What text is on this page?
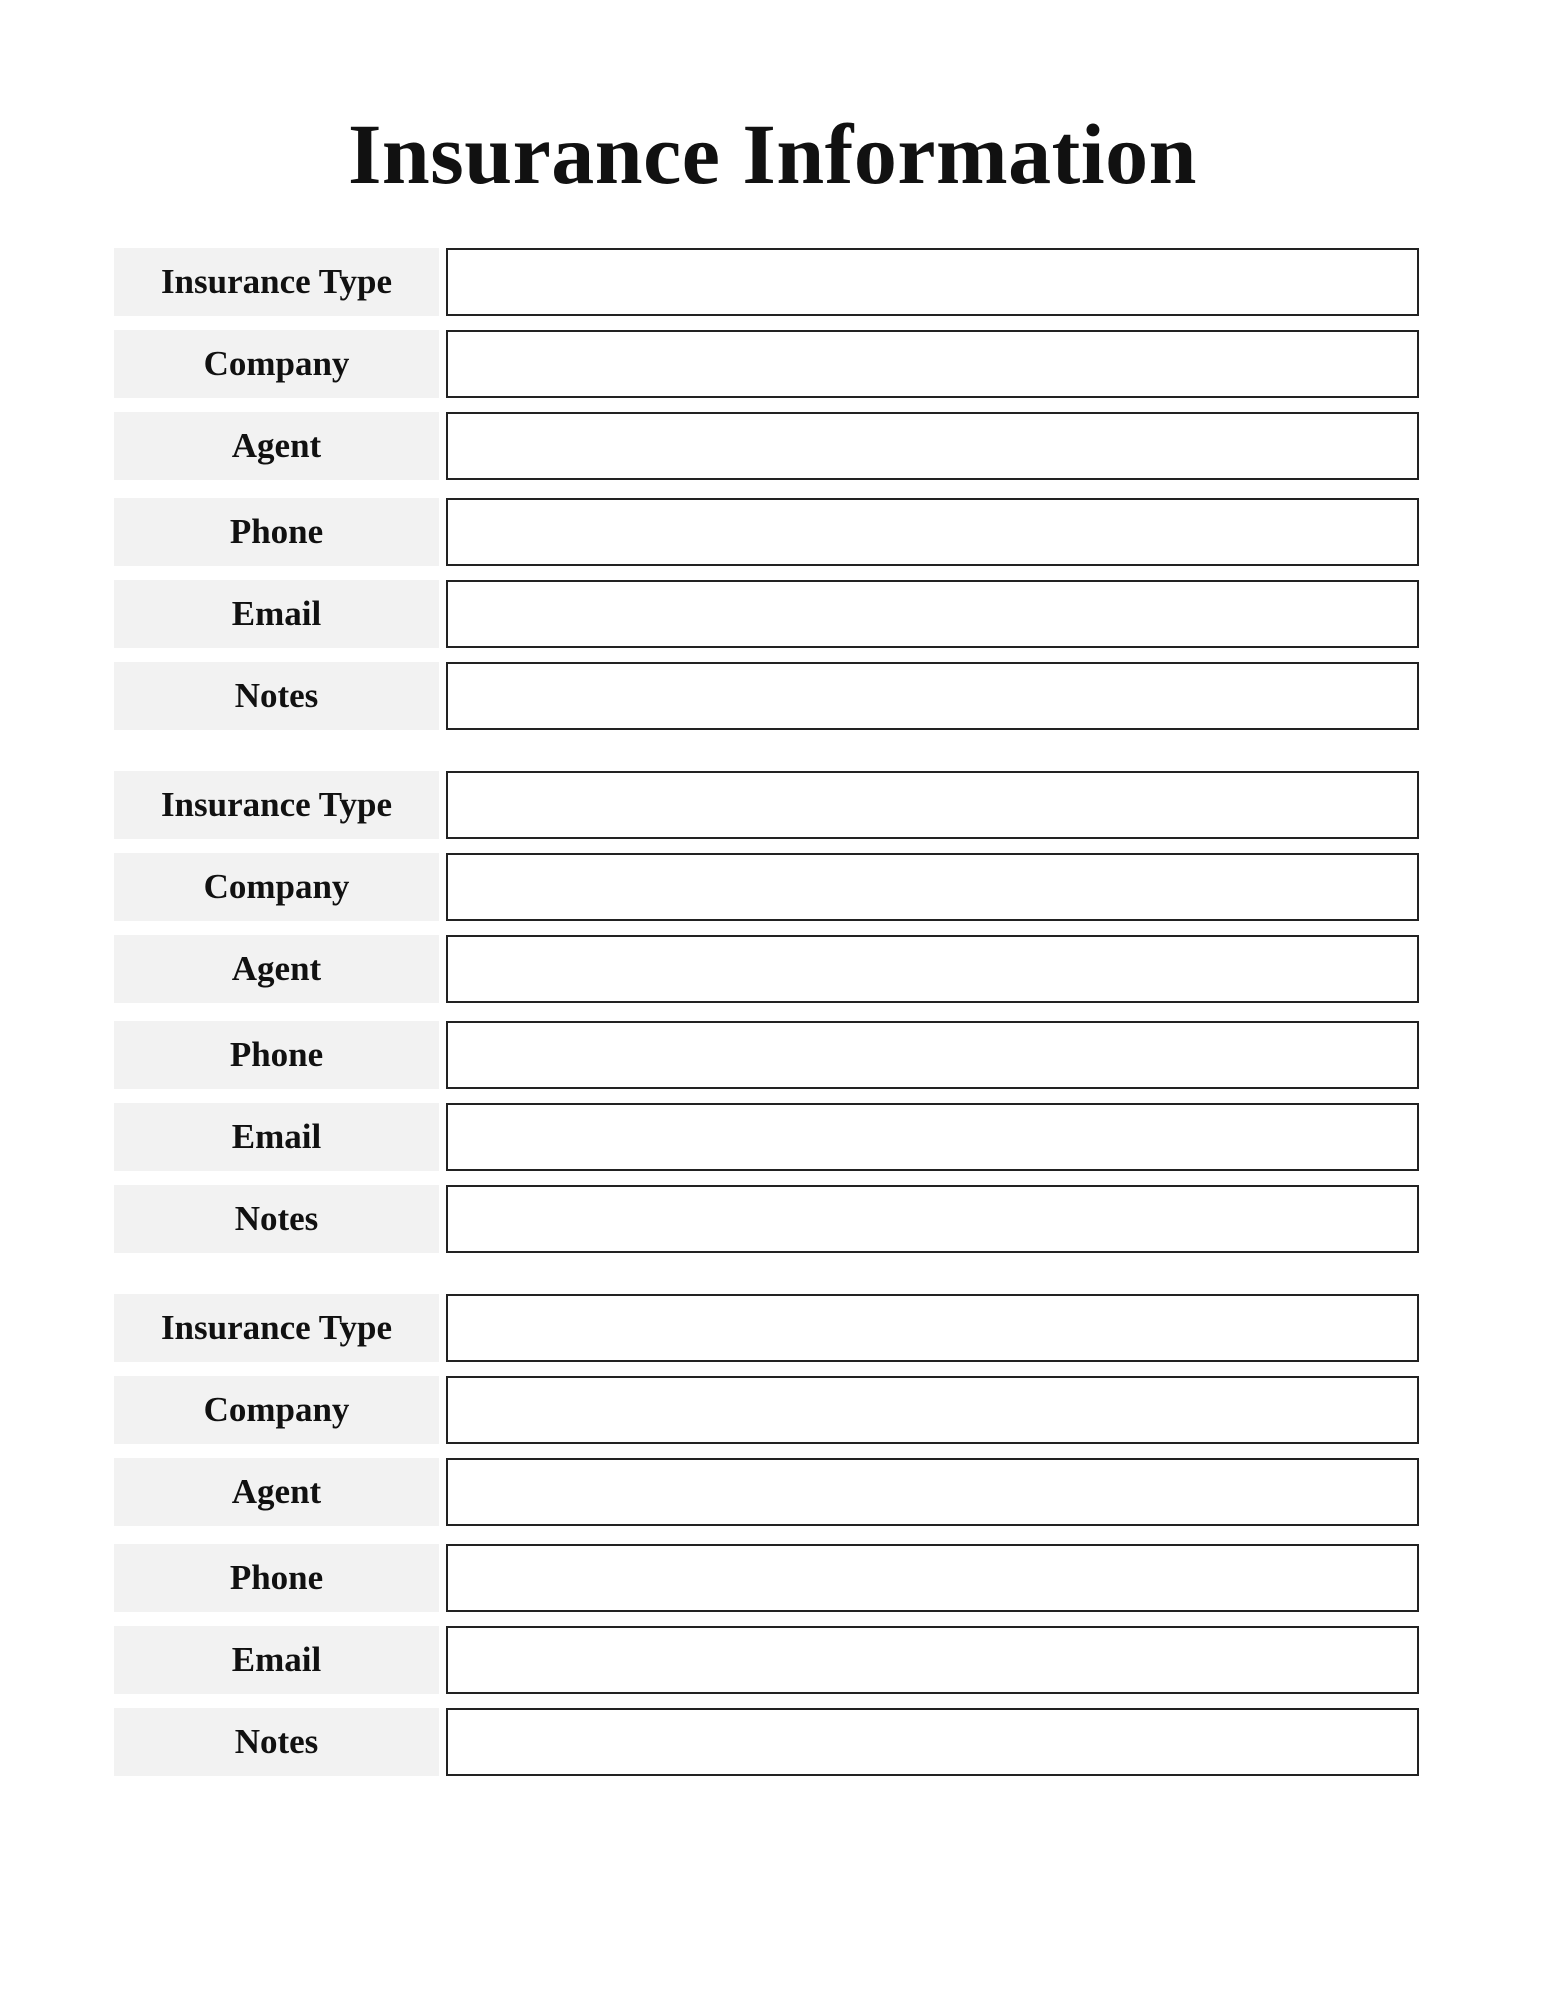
Insurance Information
Insurance Type
Company
Agent
Phone
Email
Notes
Insurance Type
Company
Agent
Phone
Email
Notes
Insurance Type
Company
Agent
Phone
Email
Notes
